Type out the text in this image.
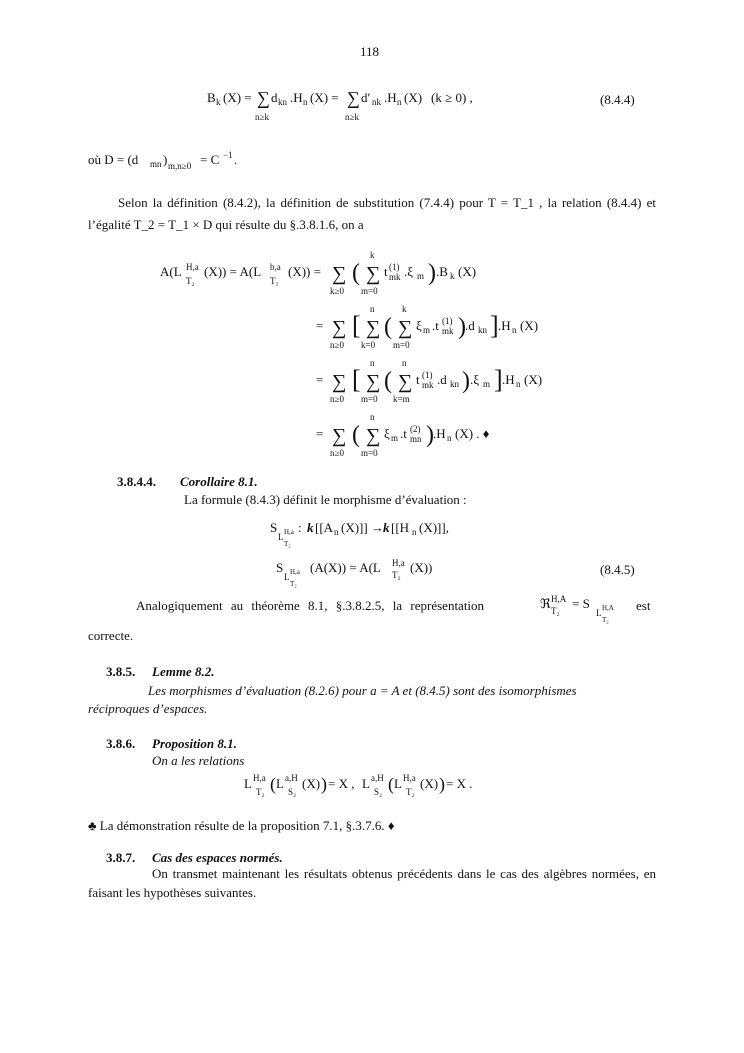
118
B k (X) = ∑
n≥k
d kn .H n (X) = ∑
n≥k
d′ nk .H n (X) (k ≥ 0) ,	(8.4.4)
où D = (d mn ) m,n≥0 = C −1 .
Selon la définition (8.4.2), la définition de substitution (7.4.4) pour T = T_1 , la relation (8.4.4) et l’égalité T_2 = T_1 × D qui résulte du §.3.8.1.6, on a
A(L H,a
T₂
(X)) = A(L b,a
T₁
(X)) = ∑
k≥0
(
k
∑
m=0
t (1)
mk .ξ m ) .B k (X)
= ∑
n≥0
[
n
∑
k=0
(
k
∑
m=0
ξ m .t (1)
mk ) .d kn ] .H n (X)
= ∑
n≥0
[
n
∑
m=0
(
n
∑
k=m
t (1)
mk .d kn ) .ξ m ] .H n (X)
= ∑
n≥0
(
n
∑
m=0
ξ m .t (2)
mn ) .H n (X) . ♦
3.8.4.4. Corollaire 8.1.
La formule (8.4.3) définit le morphisme d’évaluation :
S
L H,a
T₂
: k [[A n (X)]] → k [[H n (X)]],
S
L H,a
T₂
(A(X)) = A(L H,a
T₂ (X))	(8.4.5)
Analogiquement au théorème 8.1, §.3.8.2.5, la représentation	ℜ H,A
T₂ = S
L H,A
T₂
est
correcte.
3.8.5. Lemme 8.2.
Les morphismes d’évaluation (8.2.6) pour a = A et (8.4.5) sont des isomorphismes
réciproques d’espaces.
3.8.6. Proposition 8.1.
On a les relations
L H,a
T₂ ( L a,H
S₂
(X) ) = X , L a,H
S₂ ( L H,a
T₂
(X) ) = X .
♣ La démonstration résulte de la proposition 7.1, §.3.7.6. ♦
3.8.7. Cas des espaces normés.
On transmet maintenant les résultats obtenus précédents dans le cas des algèbres normées, en faisant les hypothèses suivantes.
